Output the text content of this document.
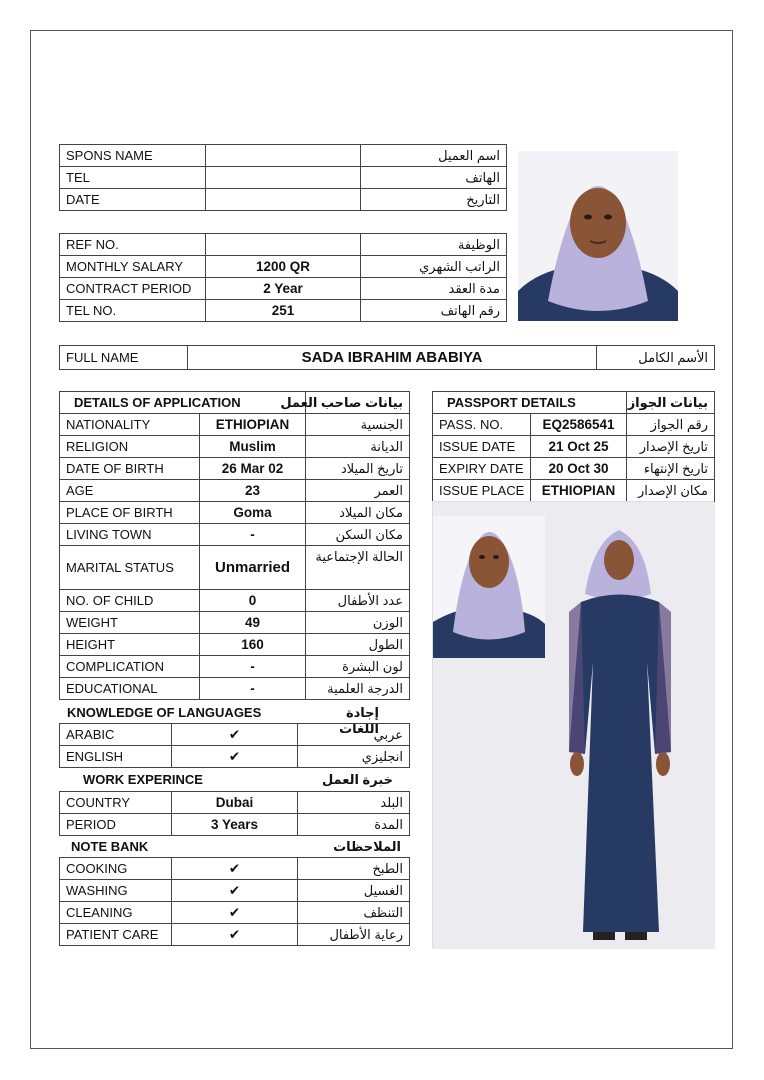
SPONS NAME		اسم العميل
TEL		الهاتف
DATE		التاريخ
REF NO.		الوظيفة
MONTHLY SALARY	1200 QR	الراتب الشهري
CONTRACT PERIOD	2 Year	مدة العقد
TEL NO.	251	رقم الهاتف
FULL NAME	SADA IBRAHIM ABABIYA	الأسم الكامل
DETAILS OF APPLICATION		بيانات صاحب العمل
NATIONALITY	ETHIOPIAN	الجنسية
RELIGION	Muslim	الديانة
DATE OF BIRTH	26 Mar 02	تاريخ الميلاد
AGE	23	العمر
PLACE OF BIRTH	Goma	مكان الميلاد
LIVING TOWN	-	مكان السكن
MARITAL STATUS	Unmarried	الحالة الإجتماعية
NO. OF CHILD	0	عدد الأطفال
WEIGHT	49	الوزن
HEIGHT	160	الطول
COMPLICATION	-	لون البشرة
EDUCATIONAL	-	الدرجة العلمية
KNOWLEDGE OF LANGUAGES	إجادة اللغات
ARABIC	✔	عربي
ENGLISH	✔	انجليزي
WORK EXPERINCE	خبرة العمل
COUNTRY	Dubai	البلد
PERIOD	3 Years	المدة
NOTE BANK	الملاحظات
COOKING	✔	الطبخ
WASHING	✔	الغسيل
CLEANING	✔	التنظف
PATIENT CARE	✔	رعاية الأطفال
PASSPORT DETAILS		بيانات الجواز
PASS. NO.	EQ2586541	رقم الجواز
ISSUE DATE	21 Oct 25	تاريخ الإصدار
EXPIRY DATE	20 Oct 30	تاريخ الإنتهاء
ISSUE PLACE	ETHIOPIAN	مكان الإصدار
